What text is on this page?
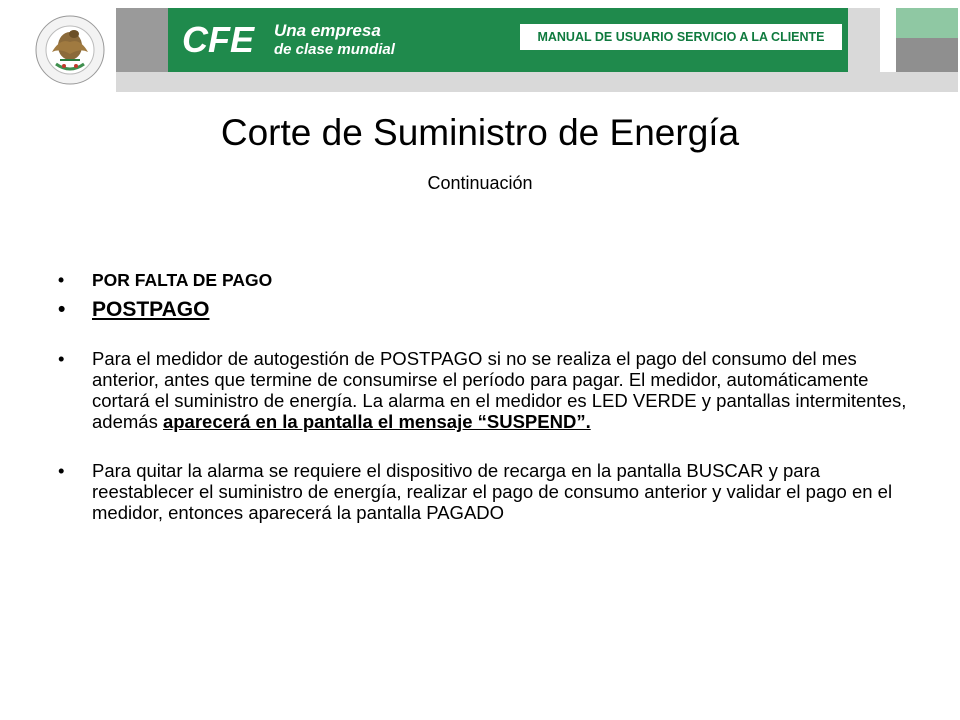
CFE Una empresa
de clase mundial
MANUAL DE USUARIO SERVICIO A LA CLIENTE
Corte de Suministro de Energía
Continuación
• POR FALTA DE PAGO
• POSTPAGO
• Para el medidor de autogestión de POSTPAGO si no se realiza el pago del consumo del mes anterior, antes que termine de consumirse el período para pagar. El medidor, automáticamente cortará el suministro de energía. La alarma en el medidor es LED VERDE y pantallas intermitentes, además aparecerá en la pantalla el mensaje “SUSPEND”.
• Para quitar la alarma se requiere el dispositivo de recarga en la pantalla BUSCAR y para reestablecer el suministro de energía, realizar el pago de consumo anterior y validar el pago en el medidor, entonces aparecerá la pantalla PAGADO
